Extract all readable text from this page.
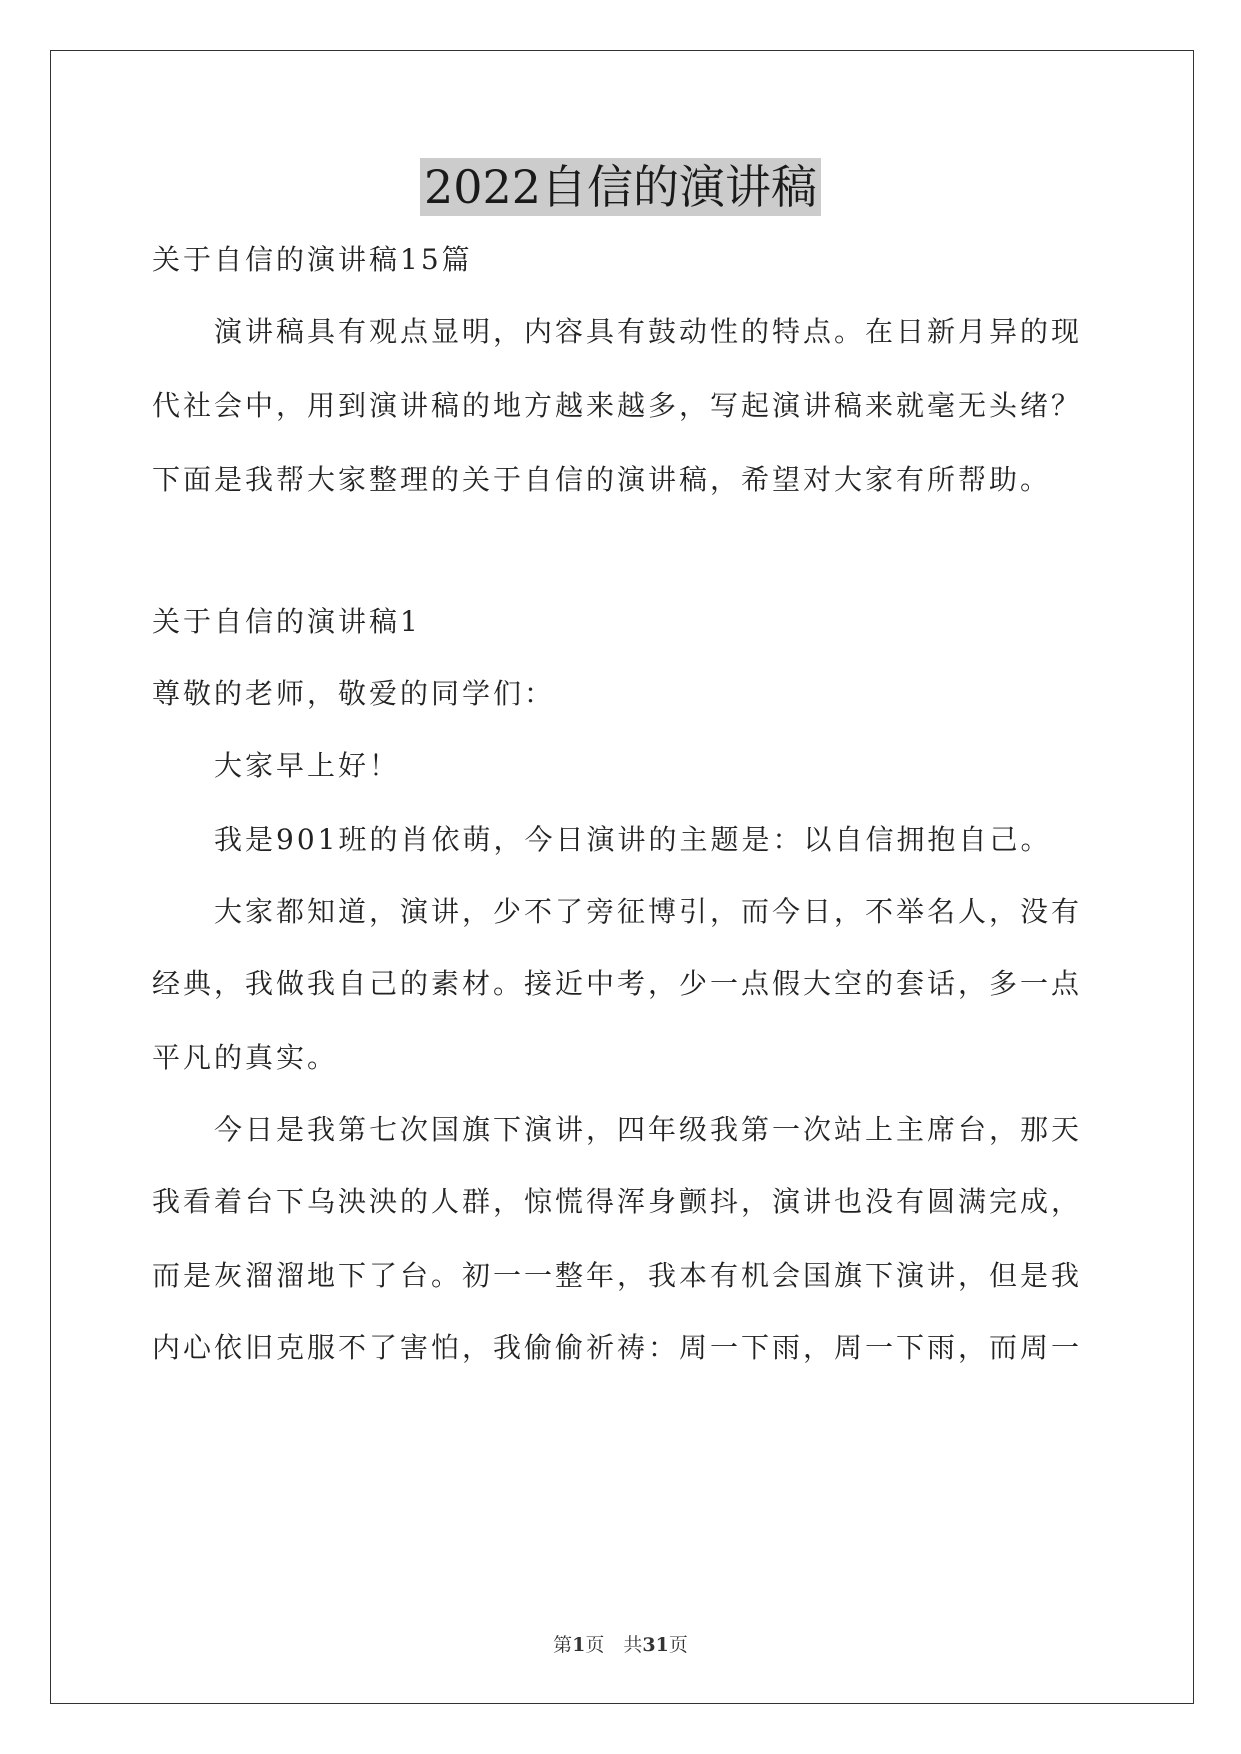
2022自信的演讲稿
关于自信的演讲稿15篇
演讲稿具有观点显明，内容具有鼓动性的特点。在日新月异的现
代社会中，用到演讲稿的地方越来越多，写起演讲稿来就毫无头绪？
下面是我帮大家整理的关于自信的演讲稿，希望对大家有所帮助。
关于自信的演讲稿1
尊敬的老师，敬爱的同学们：
大家早上好！
我是901班的肖依萌，今日演讲的主题是：以自信拥抱自己。
大家都知道，演讲，少不了旁征博引，而今日，不举名人，没有
经典，我做我自己的素材。接近中考，少一点假大空的套话，多一点
平凡的真实。
今日是我第七次国旗下演讲，四年级我第一次站上主席台，那天
我看着台下乌泱泱的人群，惊慌得浑身颤抖，演讲也没有圆满完成，
而是灰溜溜地下了台。初一一整年，我本有机会国旗下演讲，但是我
内心依旧克服不了害怕，我偷偷祈祷：周一下雨，周一下雨，而周一
第1页　共31页
